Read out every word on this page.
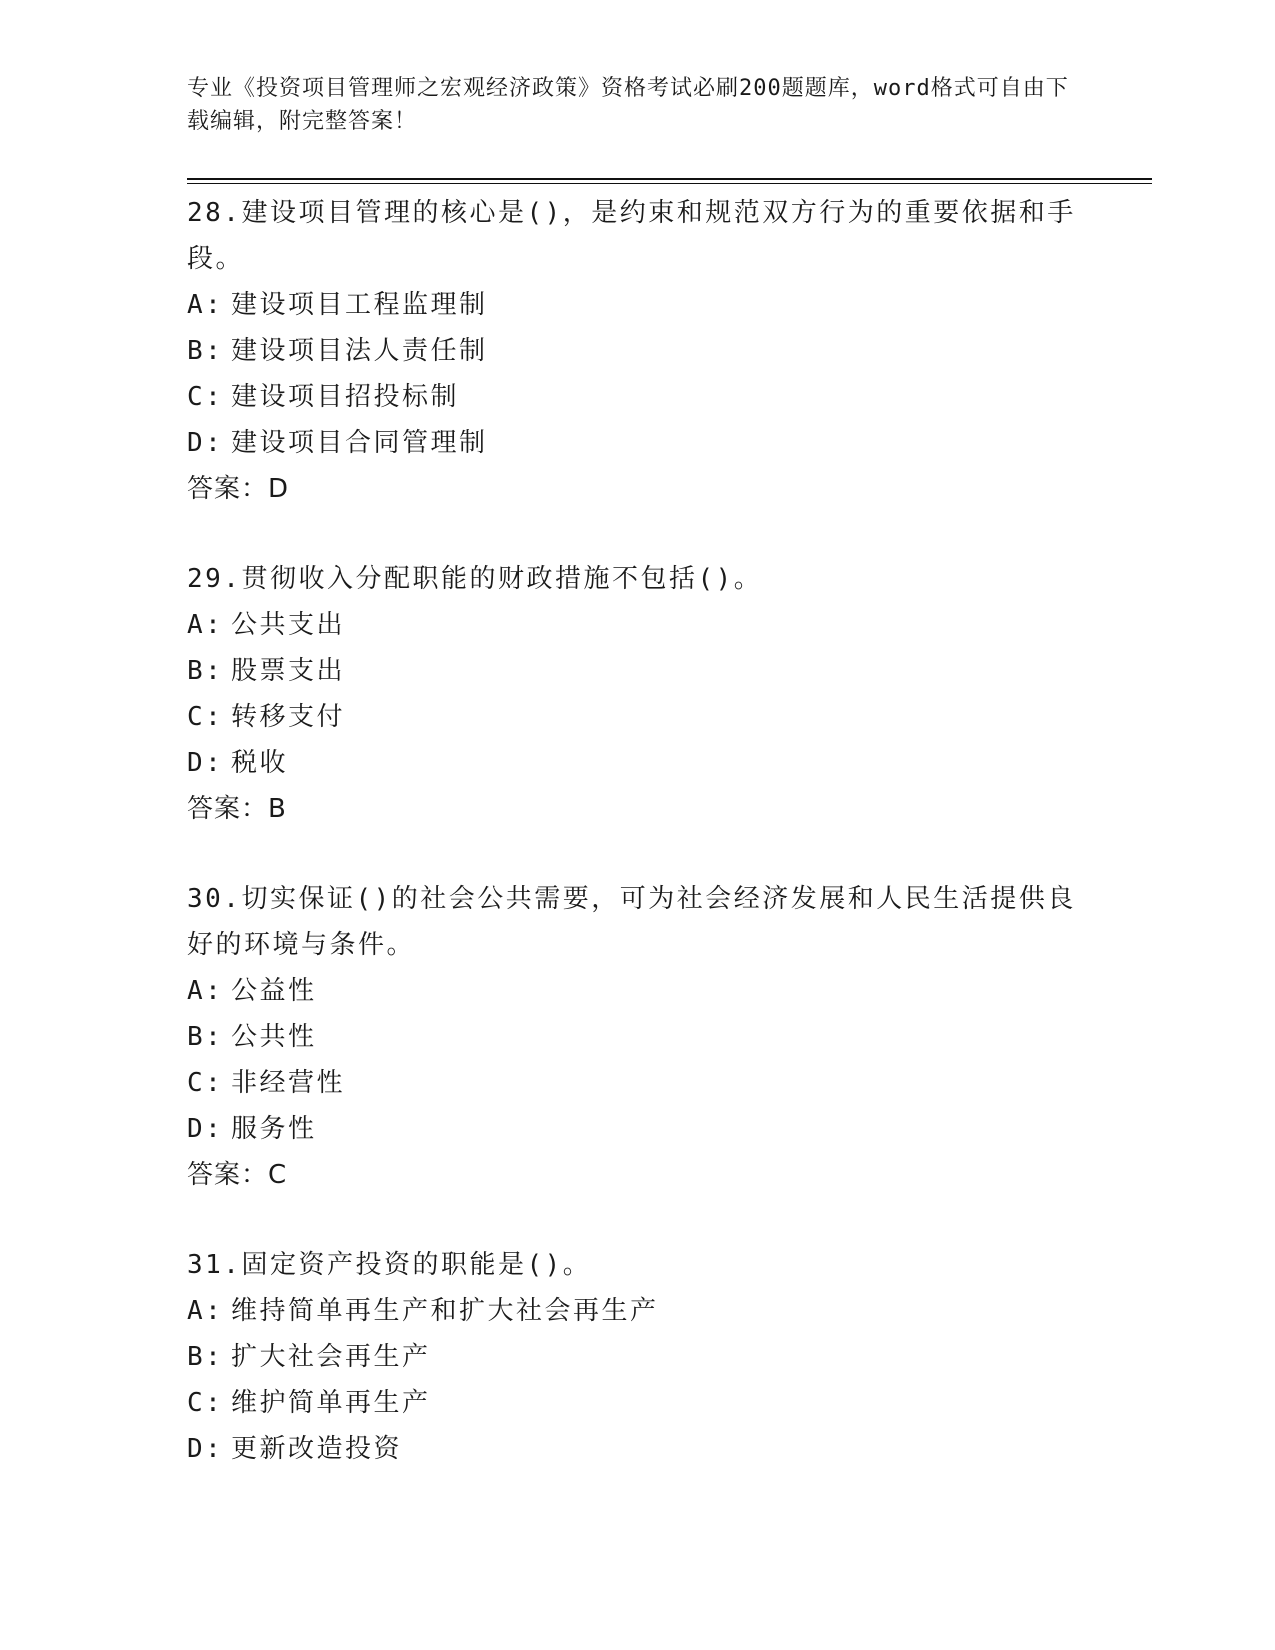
专业《投资项目管理师之宏观经济政策》资格考试必刷200题题库，word格式可自由下载编辑，附完整答案！
28.建设项目管理的核心是()，是约束和规范双方行为的重要依据和手段。
A: 建设项目工程监理制
B: 建设项目法人责任制
C: 建设项目招投标制
D: 建设项目合同管理制
答案：D
29.贯彻收入分配职能的财政措施不包括()。
A: 公共支出
B: 股票支出
C: 转移支付
D: 税收
答案：B
30.切实保证()的社会公共需要，可为社会经济发展和人民生活提供良好的环境与条件。
A: 公益性
B: 公共性
C: 非经营性
D: 服务性
答案：C
31.固定资产投资的职能是()。
A: 维持简单再生产和扩大社会再生产
B: 扩大社会再生产
C: 维护简单再生产
D: 更新改造投资
